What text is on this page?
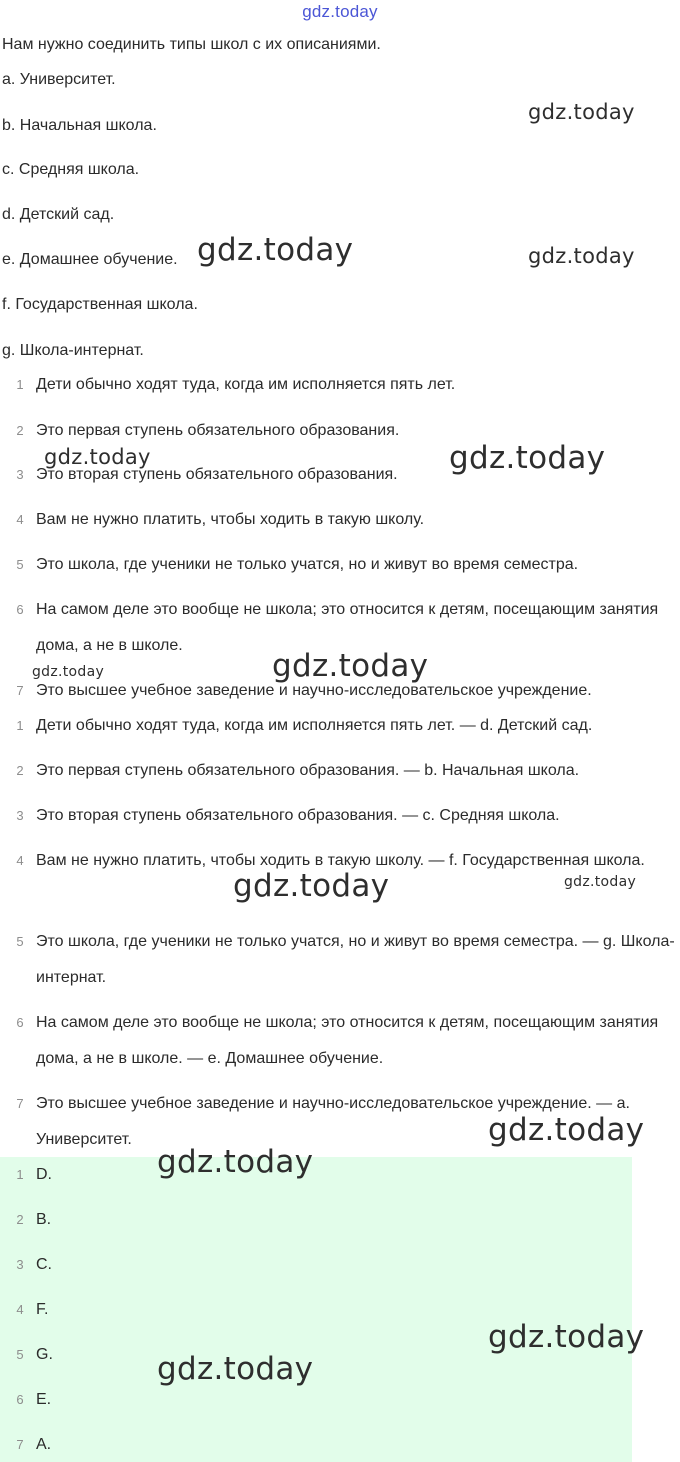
gdz.today
Нам нужно соединить типы школ с их описаниями.
a. Университет.
b. Начальная школа.
c. Средняя школа.
d. Детский сад.
e. Домашнее обучение.
f. Государственная школа.
g. Школа-интернат.
1 Дети обычно ходят туда, когда им исполняется пять лет.
2 Это первая ступень обязательного образования.
3 Это вторая ступень обязательного образования.
4 Вам не нужно платить, чтобы ходить в такую школу.
5 Это школа, где ученики не только учатся, но и живут во время семестра.
6 На самом деле это вообще не школа; это относится к детям, посещающим занятия дома, а не в школе.
7 Это высшее учебное заведение и научно-исследовательское учреждение.
1 Дети обычно ходят туда, когда им исполняется пять лет. — d. Детский сад.
2 Это первая ступень обязательного образования. — b. Начальная школа.
3 Это вторая ступень обязательного образования. — c. Средняя школа.
4 Вам не нужно платить, чтобы ходить в такую школу. — f. Государственная школа.
5 Это школа, где ученики не только учатся, но и живут во время семестра. — g. Школа-интернат.
6 На самом деле это вообще не школа; это относится к детям, посещающим занятия дома, а не в школе. — e. Домашнее обучение.
7 Это высшее учебное заведение и научно-исследовательское учреждение. — a. Университет.
1 D.
2 B.
3 C.
4 F.
5 G.
6 E.
7 A.
gdz.today
gdz.today	gdz.today
gdz.today	gdz.today
gdz.today	gdz.today
gdz.today	gdz.today
gdz.today
gdz.today
gdz.today
gdz.today
